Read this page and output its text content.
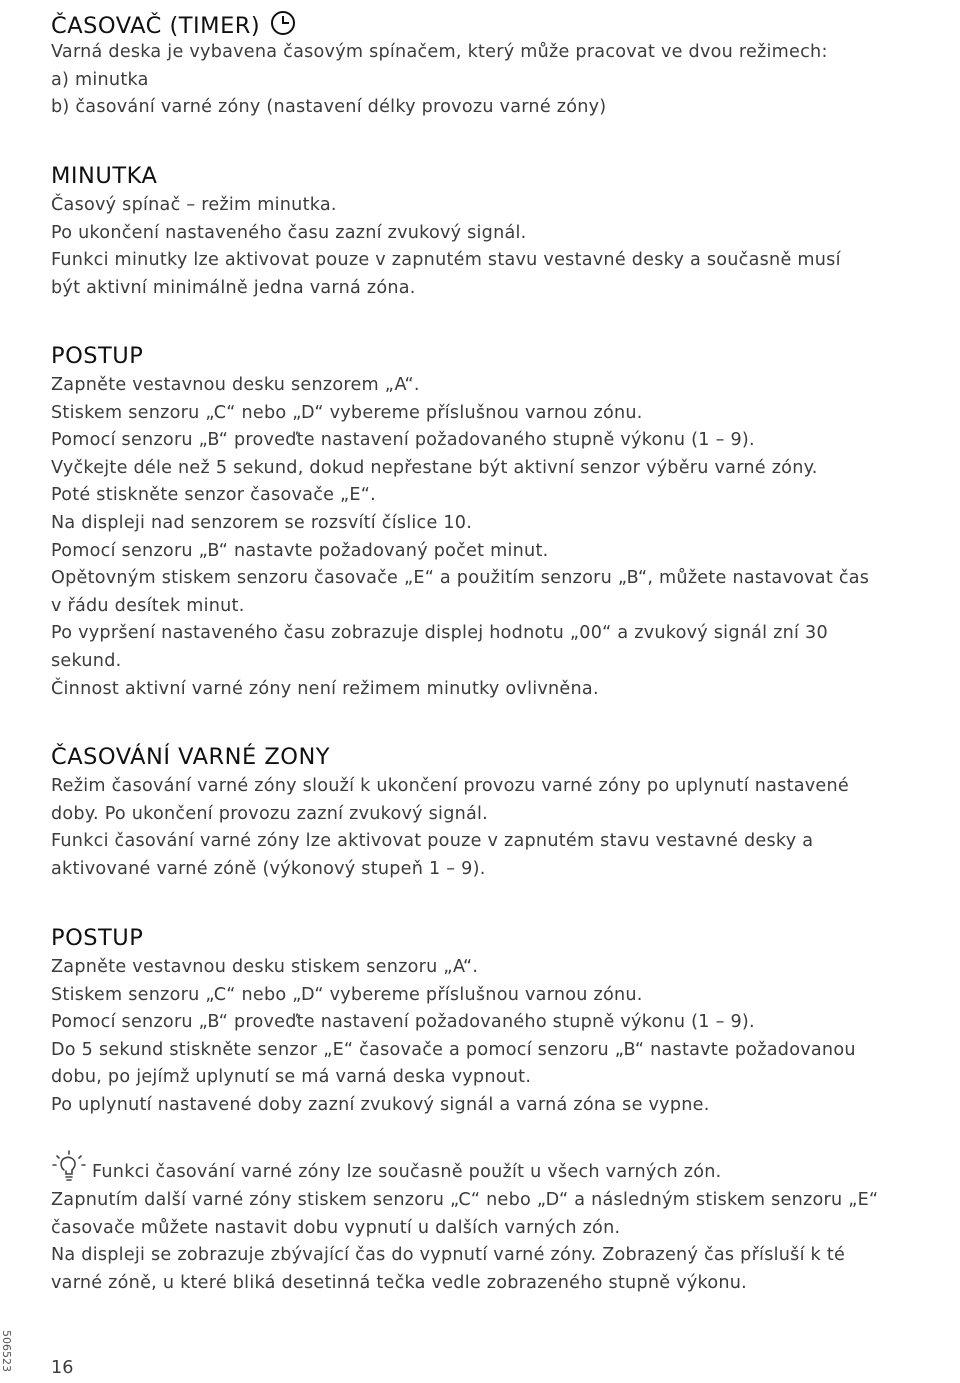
ČASOVAČ (TIMER)
Varná deska je vybavena časovým spínačem, který může pracovat ve dvou režimech:
a) minutka
b) časování varné zóny (nastavení délky provozu varné zóny)
MINUTKA
Časový spínač – režim minutka.
Po ukončení nastaveného času zazní zvukový signál.
Funkci minutky lze aktivovat pouze v zapnutém stavu vestavné desky a současně musí
být aktivní minimálně jedna varná zóna.
POSTUP
Zapněte vestavnou desku senzorem „A“.
Stiskem senzoru „C“ nebo „D“ vybereme příslušnou varnou zónu.
Pomocí senzoru „B“ proveďte nastavení požadovaného stupně výkonu (1 – 9).
Vyčkejte déle než 5 sekund, dokud nepřestane být aktivní senzor výběru varné zóny.
Poté stiskněte senzor časovače „E“.
Na displeji nad senzorem se rozsvítí číslice 10.
Pomocí senzoru „B“ nastavte požadovaný počet minut.
Opětovným stiskem senzoru časovače „E“ a použitím senzoru „B“, můžete nastavovat čas
v řádu desítek minut.
Po vypršení nastaveného času zobrazuje displej hodnotu „00“ a zvukový signál zní 30
sekund.
Činnost aktivní varné zóny není režimem minutky ovlivněna.
ČASOVÁNÍ VARNÉ ZONY
Režim časování varné zóny slouží k ukončení provozu varné zóny po uplynutí nastavené
doby. Po ukončení provozu zazní zvukový signál.
Funkci časování varné zóny lze aktivovat pouze v zapnutém stavu vestavné desky a
aktivované varné zóně (výkonový stupeň 1 – 9).
POSTUP
Zapněte vestavnou desku stiskem senzoru „A“.
Stiskem senzoru „C“ nebo „D“ vybereme příslušnou varnou zónu.
Pomocí senzoru „B“ proveďte nastavení požadovaného stupně výkonu (1 – 9).
Do 5 sekund stiskněte senzor „E“ časovače a pomocí senzoru „B“ nastavte požadovanou
dobu, po jejímž uplynutí se má varná deska vypnout.
Po uplynutí nastavené doby zazní zvukový signál a varná zóna se vypne.
Funkci časování varné zóny lze současně použít u všech varných zón.
Zapnutím další varné zóny stiskem senzoru „C“ nebo „D“ a následným stiskem senzoru „E“
časovače můžete nastavit dobu vypnutí u dalších varných zón.
Na displeji se zobrazuje zbývající čas do vypnutí varné zóny. Zobrazený čas přísluší k té
varné zóně, u které bliká desetinná tečka vedle zobrazeného stupně výkonu.
506523 16
